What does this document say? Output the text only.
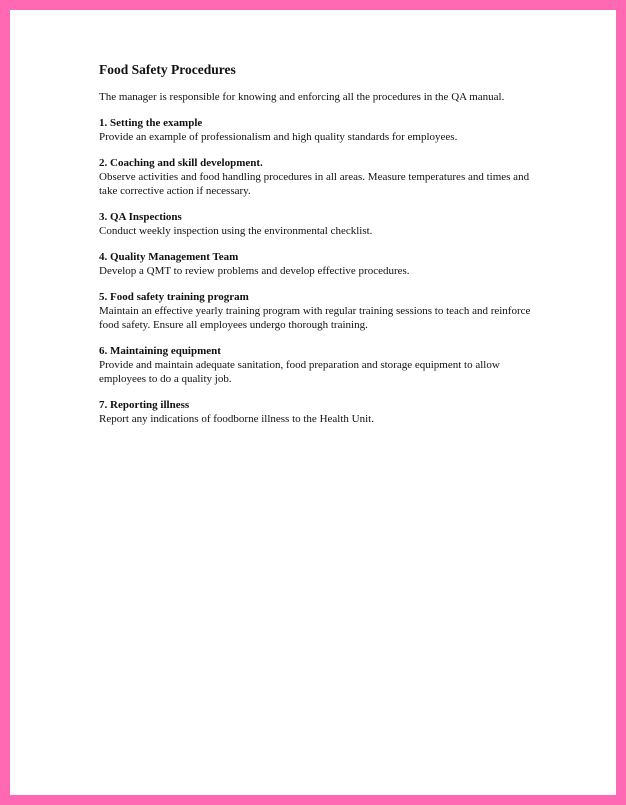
Food Safety Procedures
The manager is responsible for knowing and enforcing all the procedures in the QA manual.
1. Setting the example
Provide an example of professionalism and high quality standards for employees.
2. Coaching and skill development.
Observe activities and food handling procedures in all areas. Measure temperatures and times and take corrective action if necessary.
3. QA Inspections
Conduct weekly inspection using the environmental checklist.
4. Quality Management Team
Develop a QMT to review problems and develop effective procedures.
5. Food safety training program
Maintain an effective yearly training program with regular training sessions to teach and reinforce food safety. Ensure all employees undergo thorough training.
6. Maintaining equipment
Provide and maintain adequate sanitation, food preparation and storage equipment to allow employees to do a quality job.
7. Reporting illness
Report any indications of foodborne illness to the Health Unit.
